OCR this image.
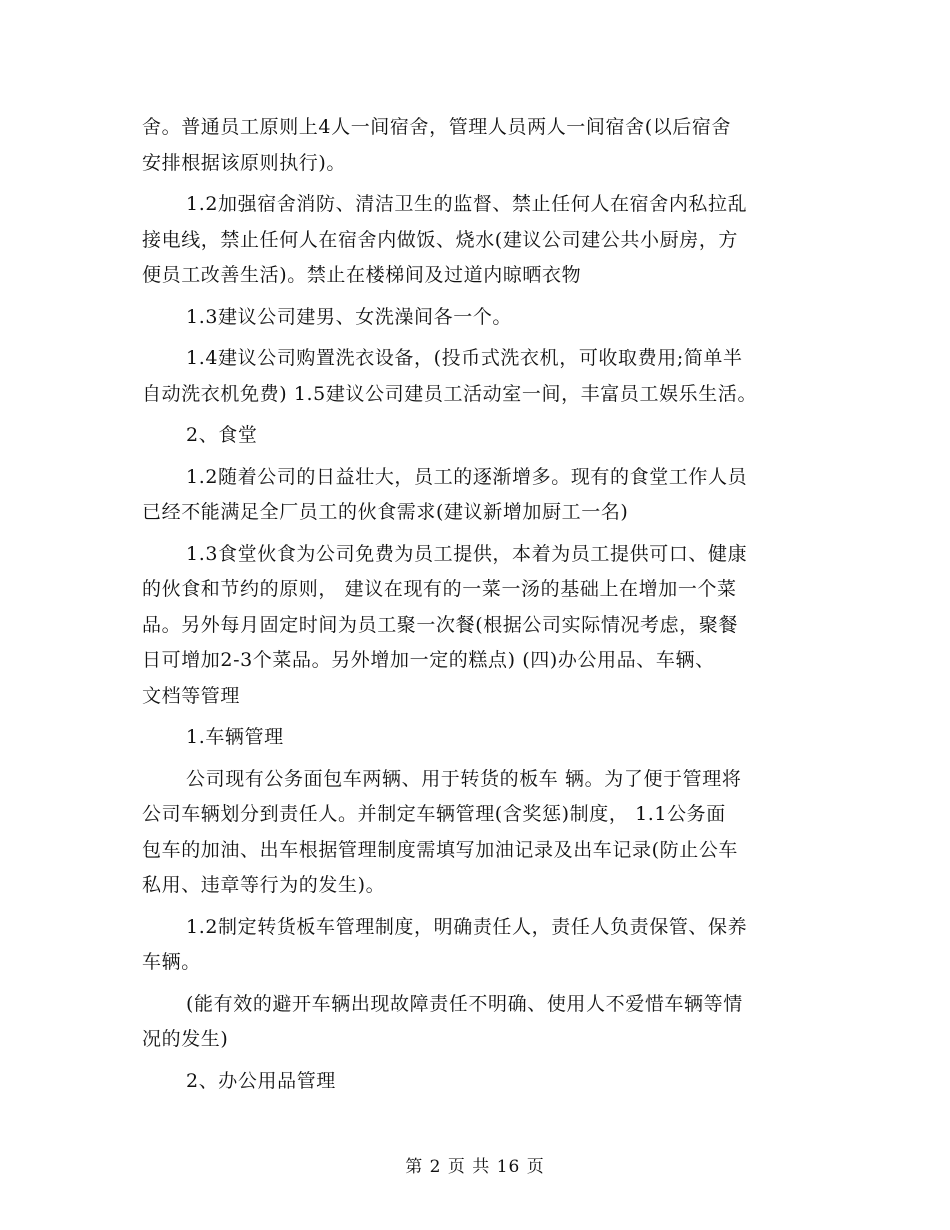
舍。普通员工原则上4人一间宿舍，管理人员两人一间宿舍(以后宿舍
安排根据该原则执行)。
1.2加强宿舍消防、清洁卫生的监督、禁止任何人在宿舍内私拉乱
接电线，禁止任何人在宿舍内做饭、烧水(建议公司建公共小厨房，方
便员工改善生活)。禁止在楼梯间及过道内晾晒衣物
1.3建议公司建男、女洗澡间各一个。
1.4建议公司购置洗衣设备，(投币式洗衣机，可收取费用;简单半
自动洗衣机免费) 1.5建议公司建员工活动室一间，丰富员工娱乐生活。
2、食堂
1.2随着公司的日益壮大，员工的逐渐增多。现有的食堂工作人员
已经不能满足全厂员工的伙食需求(建议新增加厨工一名)
1.3食堂伙食为公司免费为员工提供，本着为员工提供可口、健康
的伙食和节约的原则， 建议在现有的一菜一汤的基础上在增加一个菜
品。另外每月固定时间为员工聚一次餐(根据公司实际情况考虑，聚餐
日可增加2-3个菜品。另外增加一定的糕点) (四)办公用品、车辆、
文档等管理
1.车辆管理
公司现有公务面包车两辆、用于转货的板车 辆。为了便于管理将
公司车辆划分到责任人。并制定车辆管理(含奖惩)制度， 1.1公务面
包车的加油、出车根据管理制度需填写加油记录及出车记录(防止公车
私用、违章等行为的发生)。
1.2制定转货板车管理制度，明确责任人，责任人负责保管、保养
车辆。
(能有效的避开车辆出现故障责任不明确、使用人不爱惜车辆等情
况的发生)
2、办公用品管理
第 2 页 共 16 页
